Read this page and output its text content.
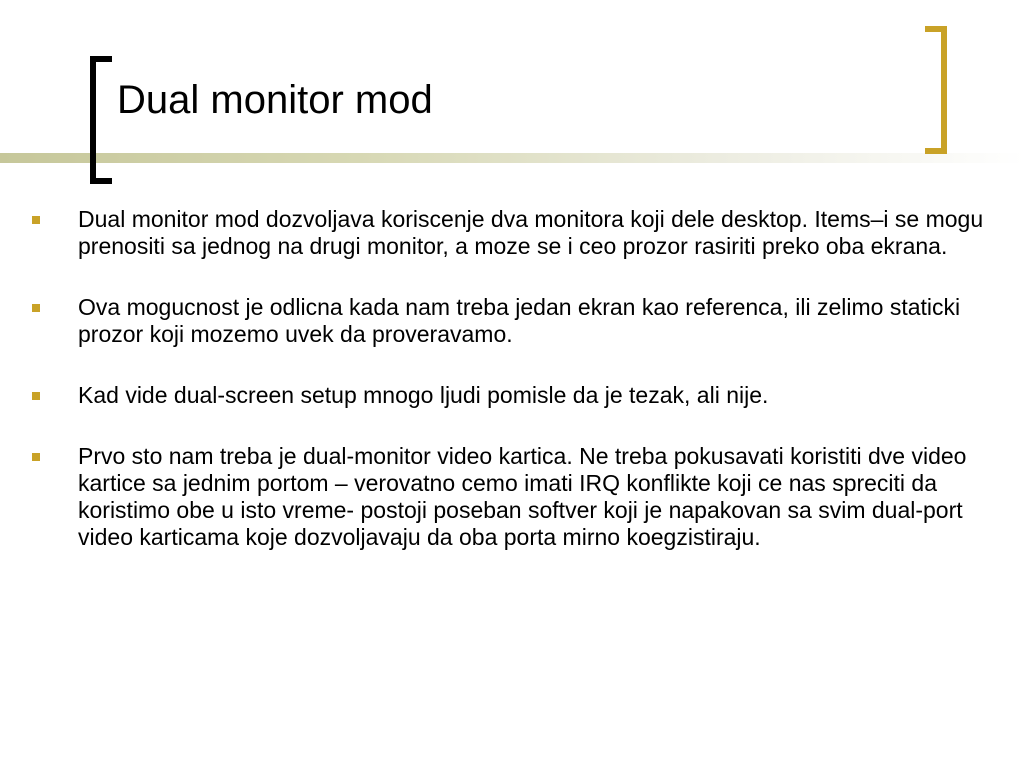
Dual monitor mod
Dual monitor mod dozvoljava koriscenje dva monitora koji dele desktop. Items–i se mogu prenositi sa jednog na drugi monitor, a moze se i ceo prozor rasiriti preko oba ekrana.
Ova mogucnost je odlicna kada nam treba jedan ekran kao referenca, ili zelimo staticki prozor koji mozemo uvek da proveravamo.
Kad vide dual-screen setup mnogo ljudi pomisle da je tezak, ali nije.
Prvo sto nam treba je dual-monitor video kartica. Ne treba pokusavati koristiti dve video kartice sa jednim portom – verovatno cemo imati IRQ konflikte koji ce nas spreciti da koristimo obe u isto vreme- postoji poseban softver koji je napakovan sa svim dual-port video karticama koje dozvoljavaju da oba porta mirno koegzistiraju.
